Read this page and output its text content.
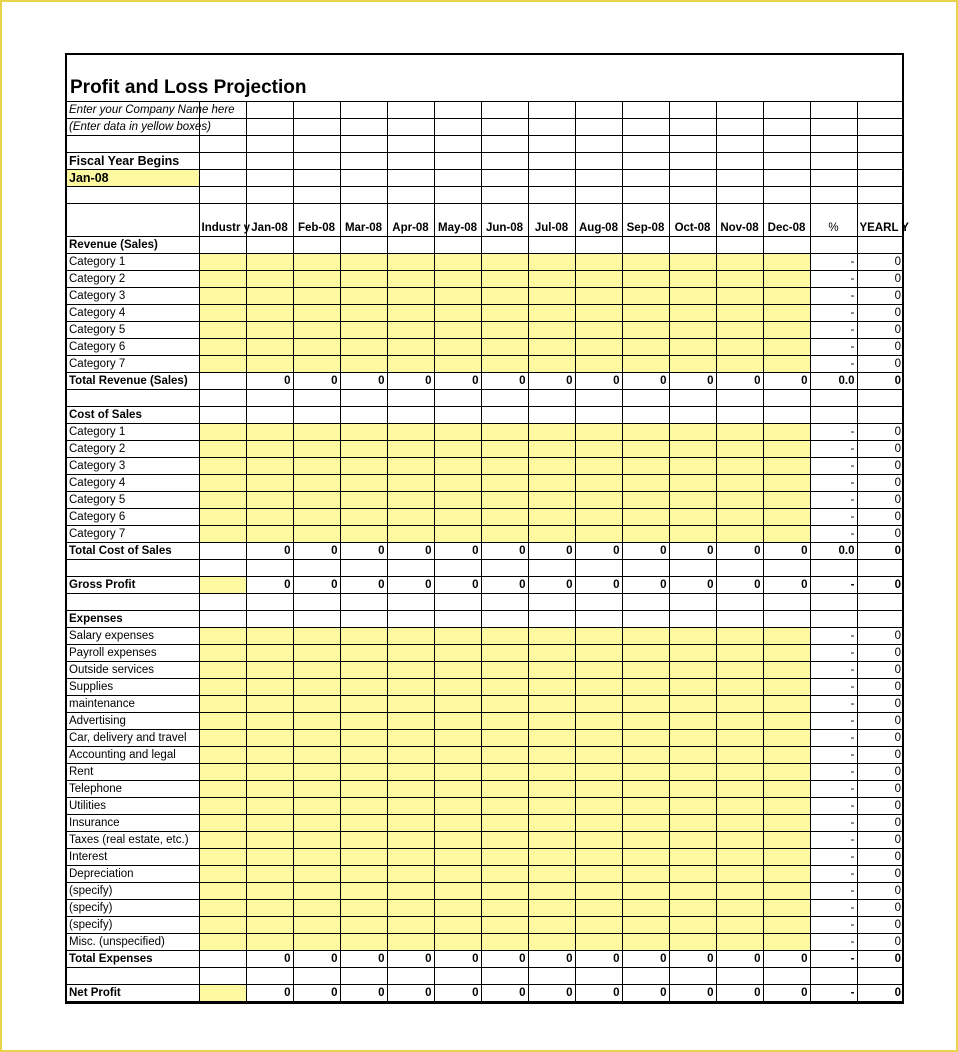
Profit and Loss Projection
Enter your Company Name here															
(Enter data in yellow boxes)															

Fiscal Year Begins															
Jan-08															

	Industr y	Jan-08	Feb-08	Mar-08	Apr-08	May-08	Jun-08	Jul-08	Aug-08	Sep-08	Oct-08	Nov-08	Dec-08	%	YEARL Y
Revenue (Sales)															
Category 1														-	0
Category 2														-	0
Category 3														-	0
Category 4														-	0
Category 5														-	0
Category 6														-	0
Category 7														-	0
Total Revenue (Sales)		0	0	0	0	0	0	0	0	0	0	0	0	0.0	0

Cost of Sales															
Category 1														-	0
Category 2														-	0
Category 3														-	0
Category 4														-	0
Category 5														-	0
Category 6														-	0
Category 7														-	0
Total Cost of Sales		0	0	0	0	0	0	0	0	0	0	0	0	0.0	0

Gross Profit		0	0	0	0	0	0	0	0	0	0	0	0	-	0

Expenses															
Salary expenses														-	0
Payroll expenses														-	0
Outside services														-	0
Supplies														-	0
maintenance														-	0
Advertising														-	0
Car, delivery and travel														-	0
Accounting and legal														-	0
Rent														-	0
Telephone														-	0
Utilities														-	0
Insurance														-	0
Taxes (real estate, etc.)														-	0
Interest														-	0
Depreciation														-	0
(specify)														-	0
(specify)														-	0
(specify)														-	0
Misc. (unspecified)														-	0
Total Expenses		0	0	0	0	0	0	0	0	0	0	0	0	-	0

Net Profit		0	0	0	0	0	0	0	0	0	0	0	0	-	0
